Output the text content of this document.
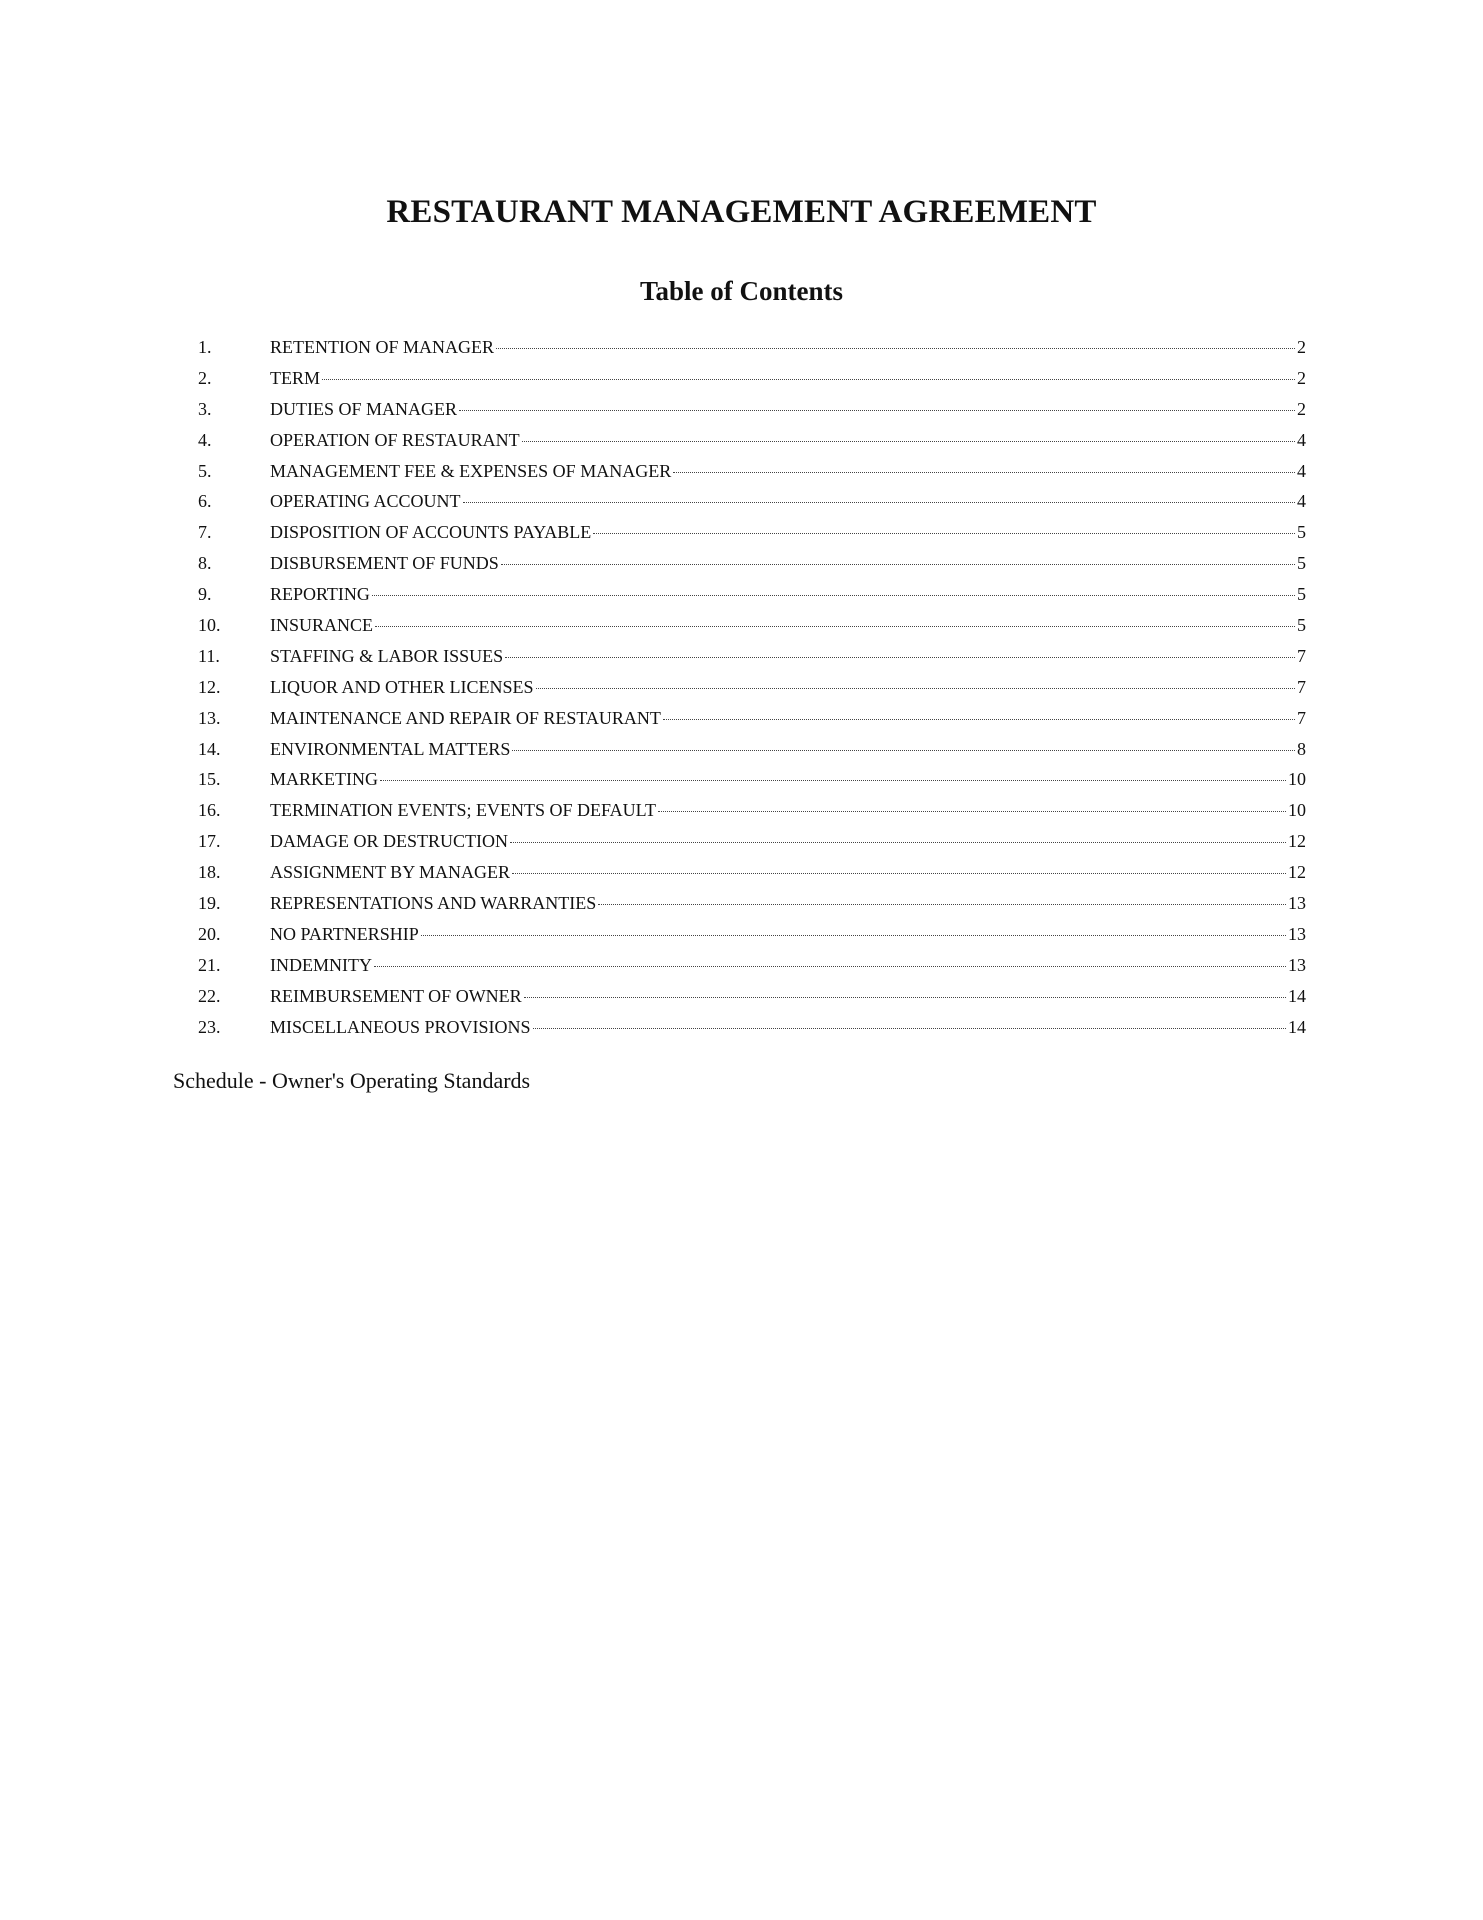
RESTAURANT MANAGEMENT AGREEMENT
Table of Contents
1.	RETENTION OF MANAGER	2
2.	TERM	2
3.	DUTIES OF MANAGER	2
4.	OPERATION OF RESTAURANT	4
5.	MANAGEMENT FEE & EXPENSES OF MANAGER	4
6.	OPERATING ACCOUNT	4
7.	DISPOSITION OF ACCOUNTS PAYABLE	5
8.	DISBURSEMENT OF FUNDS	5
9.	REPORTING	5
10.	INSURANCE	5
11.	STAFFING & LABOR ISSUES	7
12.	LIQUOR AND OTHER LICENSES	7
13.	MAINTENANCE AND REPAIR OF RESTAURANT	7
14.	ENVIRONMENTAL MATTERS	8
15.	MARKETING	10
16.	TERMINATION EVENTS; EVENTS OF DEFAULT	10
17.	DAMAGE OR DESTRUCTION	12
18.	ASSIGNMENT BY MANAGER	12
19.	REPRESENTATIONS AND WARRANTIES	13
20.	NO PARTNERSHIP	13
21.	INDEMNITY	13
22.	REIMBURSEMENT OF OWNER	14
23.	MISCELLANEOUS PROVISIONS	14
Schedule - Owner's Operating Standards
